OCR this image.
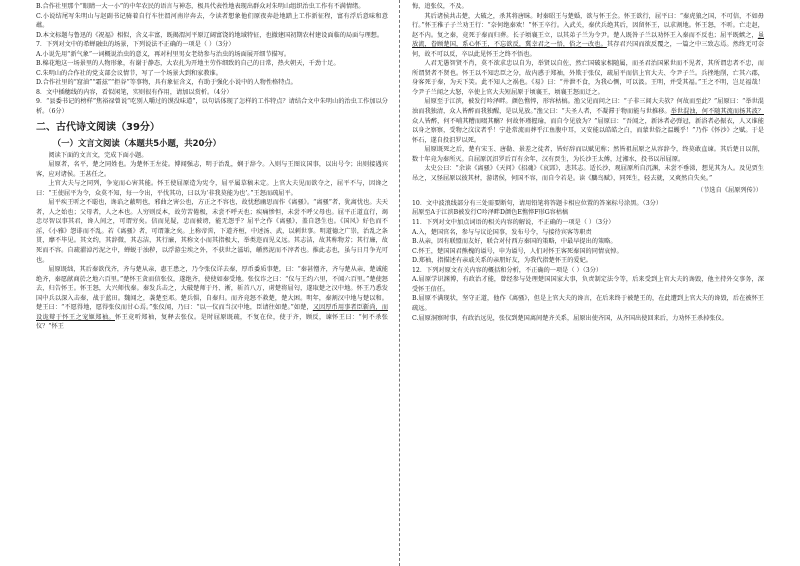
B.合作社里那个“眼睛一大一小”的中年农民的语言与神态，极具代表性地表现出群众对朱明山组织治虫工作有不满情绪。

C.小说结尾写朱明山与赵副书记骑着自行车往渭河南岸奔去，令读者想象他们原夜奔赴地踏上工作新征程，富有浮后意味和意蕴。

D.本文标题与鲁迅的《祝福》相似，含义丰富，既揭渭河平原辽阔富饶的地域特征，也撤建国初期农村建设面临的局面与理想。

7．下列对文中的希蝉融虫的场景，下列说法不正确的一项是（ ）（3分）

A.小说先用“新气象”一词概说治虫的意义，再对村里男女老幼参与治虫的场面展开细节描写。

B.棉花地这一场景里的人物形象，有谢于静态，大农扎为开地主劳作细致的自己的日常，热火朝天，千劲十足。

C.朱明山的合作社的党支部会议情节，写了一个场景大到和家教谁。

D.合作社里的“窟油”“霜兹”“拒谷”等事物，具有象征含义，有助于强化小说中的人物性格特点。

8．文中插穗线的内容，看似闲笔，实则很有作用，请加以赏析。（4分）

9．“县委书记的榜样”焦裕禄曾说“吃别人嚼过的馍没味道”，以句话体现了怎样的工作特点？请结合文中朱明山的治虫工作加以分析。（6分）

二、古代诗文阅读（39分）
（一）文言文阅读（本题共5小题，共20分）

阅读下面的文言文，完成下面小题。

屈原者，名平，楚之同姓也。为楚怀王左徒。博闻强志，明于治乱，娴于辞令。入则与王图议国事，以出号令；出则接遇宾客，应对诸侯。王甚任之。

上官大夫与之同列，争宠而心害其能。怀王使屈原造为宪令，屈平属草稿未定。上官大夫见而欲夺之，屈平不与，因谗之曰：“王使屈平为令，众莫不知，每一令出，平伐其功，曰以为‘非我莫能为也’。”王怒而疏屈平。

屈平疾王听之不聪也，谗谄之蔽明也，邪曲之害公也，方正之不容也，故忧愁幽思而作《离骚》。“离骚”者，犹离忧也。夫天者，人之始也；父母者，人之本也。人穷则反本，故劳苦倦极，未尝不呼天也；疾痛惨怛，未尝不呼父母也。屈平正道直行，竭忠尽智以事其君，谗人间之，可谓穷矣。信而见疑，忠而被谤，能无怨乎？屈平之作《离骚》，盖自怨生也。《国风》好色而不淫，《小雅》怨诽而不乱。若《离骚》者，可谓兼之矣。上称帝喾，下道齐桓，中述汤、武，以刺世事。明道德之广崇，治乱之条贯，靡不毕见。其文约，其辞微，其志洁，其行廉，其称文小而其指极大，举类迩而见义远。其志洁，故其称物芳；其行廉，故死而不容。自疏濯淖污泥之中，蝉蜕于浊秽，以浮游尘埃之外，不获世之滋垢，皭然泥而不滓者也。推此志也，虽与日月争光可也。

屈原既绌，其后秦欲伐齐，齐与楚从亲，惠王患之，乃令张仪详去秦，厚币委质事楚，曰：“秦甚憎齐，齐与楚从亲，楚诚能绝齐，秦愿献商於之地六百里。”楚怀王贪而信张仪，遂绝齐，使使如秦受地。张仪诈之曰：“仪与王约六里，不闻六百里。”楚使怒去，归告怀王。怀王怒，大兴师伐秦。秦发兵击之，大破楚师于丹、淅，斩首八万，虏楚将屈匄，遂取楚之汉中地。怀王乃悉发国中兵以深入击秦，战于蓝田。魏闻之，袭楚至邓。楚兵惧，自秦归。而齐竟怒不救楚，楚大困。明年，秦割汉中地与楚以和。楚王曰：“不愿得地，愿得张仪而甘心焉。”张仪闻，乃曰：“以一仪而当汉中地，臣请往如楚。”如楚，又因厚币用事者臣靳尚，而设诡辩于怀王之宠姬郑袖。怀王竟听郑袖，复释去张仪。是时屈原既疏，不复在位，使于齐，顾反，谏怀王曰：“何不杀张仪？”怀王

悔，追张仪，不及。

其后诸侯共击楚，大破之，杀其将唐眜。时秦昭王与楚婚，欲与怀王会。怀王欲行，屈平曰：“秦虎狼之国，不可信，不如毋行。”怀王稚子子兰劝王行：“奈何绝秦欢！”怀王卒行。入武关，秦伏兵绝其后，因留怀王，以求割地。怀王怒，不听。亡走赵，赵不内。复之秦，竟死于秦而归葬。长子顷襄王立，以其弟子兰为令尹。楚人既咎子兰以劝怀王入秦而不反也；屈平既嫉之，虽放流，眷顾楚国，系心怀王，不忘欲反，冀幸君之一悟，俗之一改也。其存君兴国而欲反覆之，一篇之中三致志焉。然终无可奈何，故不可以反，卒以此见怀王之终不悟也。

人君无愚智贤不肖，莫不欲求忠以自为，举贤以自佐，然亡国破家相随属，而圣君治国累世而不见者，其所谓忠者不忠，而所谓贤者不贤也。怀王以不知忠臣之分，故内惑于郑袖，外欺于张仪，疏屈平而信上官大夫、令尹子兰。兵挫地削，亡其六郡，身客死于秦，为天下笑。此不知人之祸也。《易》曰：“井泄不食，为我心恻，可以汲。王明，并受其福。”王之不明，岂足福哉！令尹子兰闻之大怒，卒使上官大夫短屈原于顷襄王，顷襄王怒而迁之。

屈原至于江滨，被发行吟泽畔。颜色憔悴，形容枯槁。渔父见而问之曰：“子非三闾大夫欤？何故而至此？”屈原曰：“举世混浊而我独清，众人皆醉而我独醒，是以见放。”渔父曰：“夫圣人者，不凝滞于物而能与世推移。举世混浊，何不随其流而扬其波？众人皆醉，何不哺其糟而啜其醨？何故怀瑾握瑜，而自令见放为？”屈原曰：“吾闻之，新沐者必弹冠，新浴者必振衣，人又谁能以身之察察，受物之汶汶者乎！宁赴常流而葬乎江鱼腹中耳，又安能以皓皓之白，而蒙世俗之温蠖乎！”乃作《怀沙》之赋。于是怀石，遂自投汨罗以死。

屈原既死之后，楚有宋玉、唐勒、景差之徒者，皆好辞而以赋见称；然皆祖屈原之从容辞令，终莫敢直谏。其后楚日以削，数十年竟为秦所灭。自屈原沉汨罗后百有余年，汉有贾生，为长沙王太傅，过湘水，投书以吊屈原。

太史公曰：“余读《离骚》《天问》《招魂》《哀郢》，悲其志。适长沙，观屈原所自沉渊，未尝不垂涕，想见其为人。及见贾生吊之，又怪屈原以彼其材，游诸侯，何国不容，而自令若是。读《鵩鸟赋》，同死生，轻去就，又爽然自失矣。”

（节选自《屈原列传》）

10．文中波浪线部分有三处需要断句，请用铅笔将答题卡相应位置的答案标号涂黑。（3分）

屈原至A于江滨B被发行C吟泽畔D颜色E憔悴F形G容枯槁

11．下列对文中加点词语的相关内容的解说，不正确的一项是（ ）（3分）

A.入，楚国官名，参与与议论国事，发布号令，与接待宾客等职责

B.从亲，因有联盟而友好，联合对付西方秦国的策略，中最早提出的策略。

C.怀王，楚国国君熊槐的谥号，申为谥号，人们对怀王客死秦国的同情哀悼。

D.郑袖，指描述有亲戚关系的亲朋好友，为我代指楚怀王的爱妃。

12．下列对原文有关内容的概括和分析，不正确的一项是（ ）（3分）

A.屈原学识渊博，有政治才能，曾经参与处理楚国国家大事，负责制定法令等，后来受到上官大夫的谗毁，他主持外交事务，深受怀王信任。

B.屈原不满现状，坚守正道，他作《离骚》，但是上官大夫的谗言，在后来终于被楚王的，在此遭到上官大夫的谗毁，后在被怀王疏远。

C.屈原洞察时事，有政治远见，张仪到楚国离间楚齐关系，屈原出使齐国，从齐国出使回来后，力劝怀王杀掉张仪。
